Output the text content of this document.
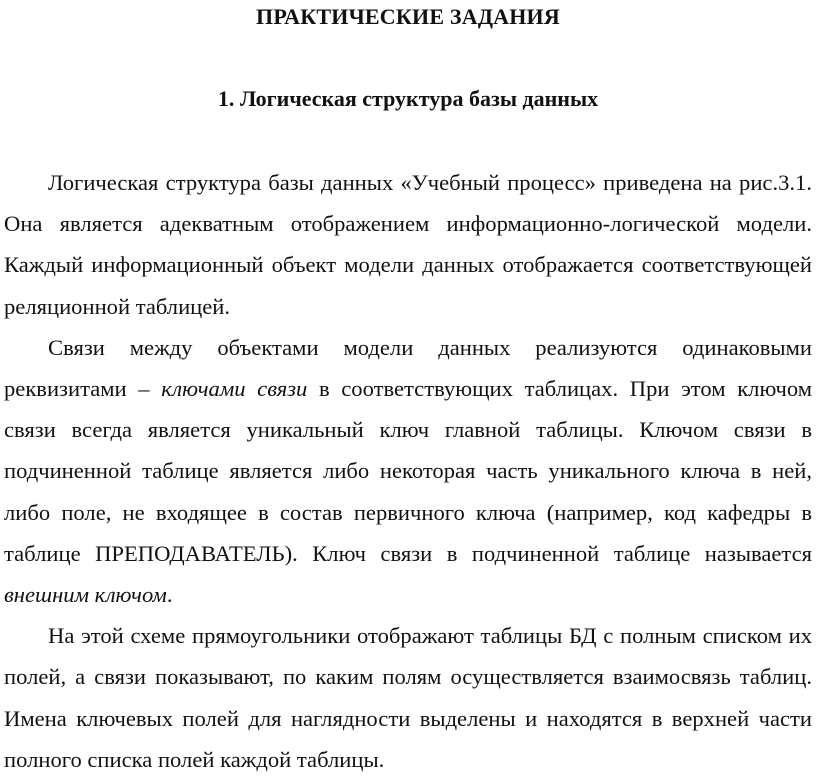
ПРАКТИЧЕСКИЕ ЗАДАНИЯ
1. Логическая структура базы данных

Логическая структура базы данных «Учебный процесс» приведена на рис.3.1. Она является адекватным отображением информационно-логической модели. Каждый информационный объект модели данных отображается соответствующей реляционной таблицей.

Связи между объектами модели данных реализуются одинаковыми реквизитами – ключами связи в соответствующих таблицах. При этом ключом связи всегда является уникальный ключ главной таблицы. Ключом связи в подчиненной таблице является либо некоторая часть уникального ключа в ней, либо поле, не входящее в состав первичного ключа (например, код кафедры в таблице ПРЕПОДАВАТЕЛЬ). Ключ связи в подчиненной таблице называется внешним ключом.

На этой схеме прямоугольники отображают таблицы БД с полным списком их полей, а связи показывают, по каким полям осуществляется взаимосвязь таблиц. Имена ключевых полей для наглядности выделены и находятся в верхней части полного списка полей каждой таблицы.
